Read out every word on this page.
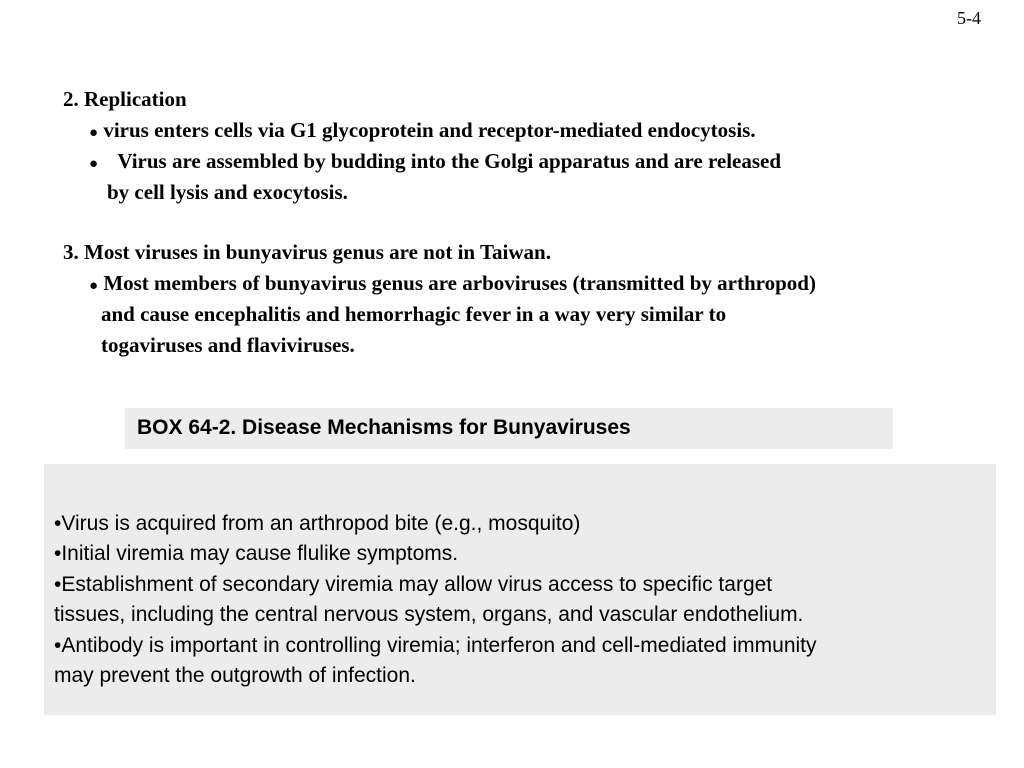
5-4
2. Replication
● virus enters cells via G1 glycoprotein and receptor-mediated endocytosis.
● Virus are assembled by budding into the Golgi apparatus and are released
by cell lysis and exocytosis.
3. Most viruses in bunyavirus genus are not in Taiwan.
● Most members of bunyavirus genus are arboviruses (transmitted by arthropod)
and cause encephalitis and hemorrhagic fever in a way very similar to
togaviruses and flaviviruses.
BOX 64-2. Disease Mechanisms for Bunyaviruses
•Virus is acquired from an arthropod bite (e.g., mosquito)
•Initial viremia may cause flulike symptoms.
•Establishment of secondary viremia may allow virus access to specific target
tissues, including the central nervous system, organs, and vascular endothelium.
•Antibody is important in controlling viremia; interferon and cell-mediated immunity
may prevent the outgrowth of infection.
